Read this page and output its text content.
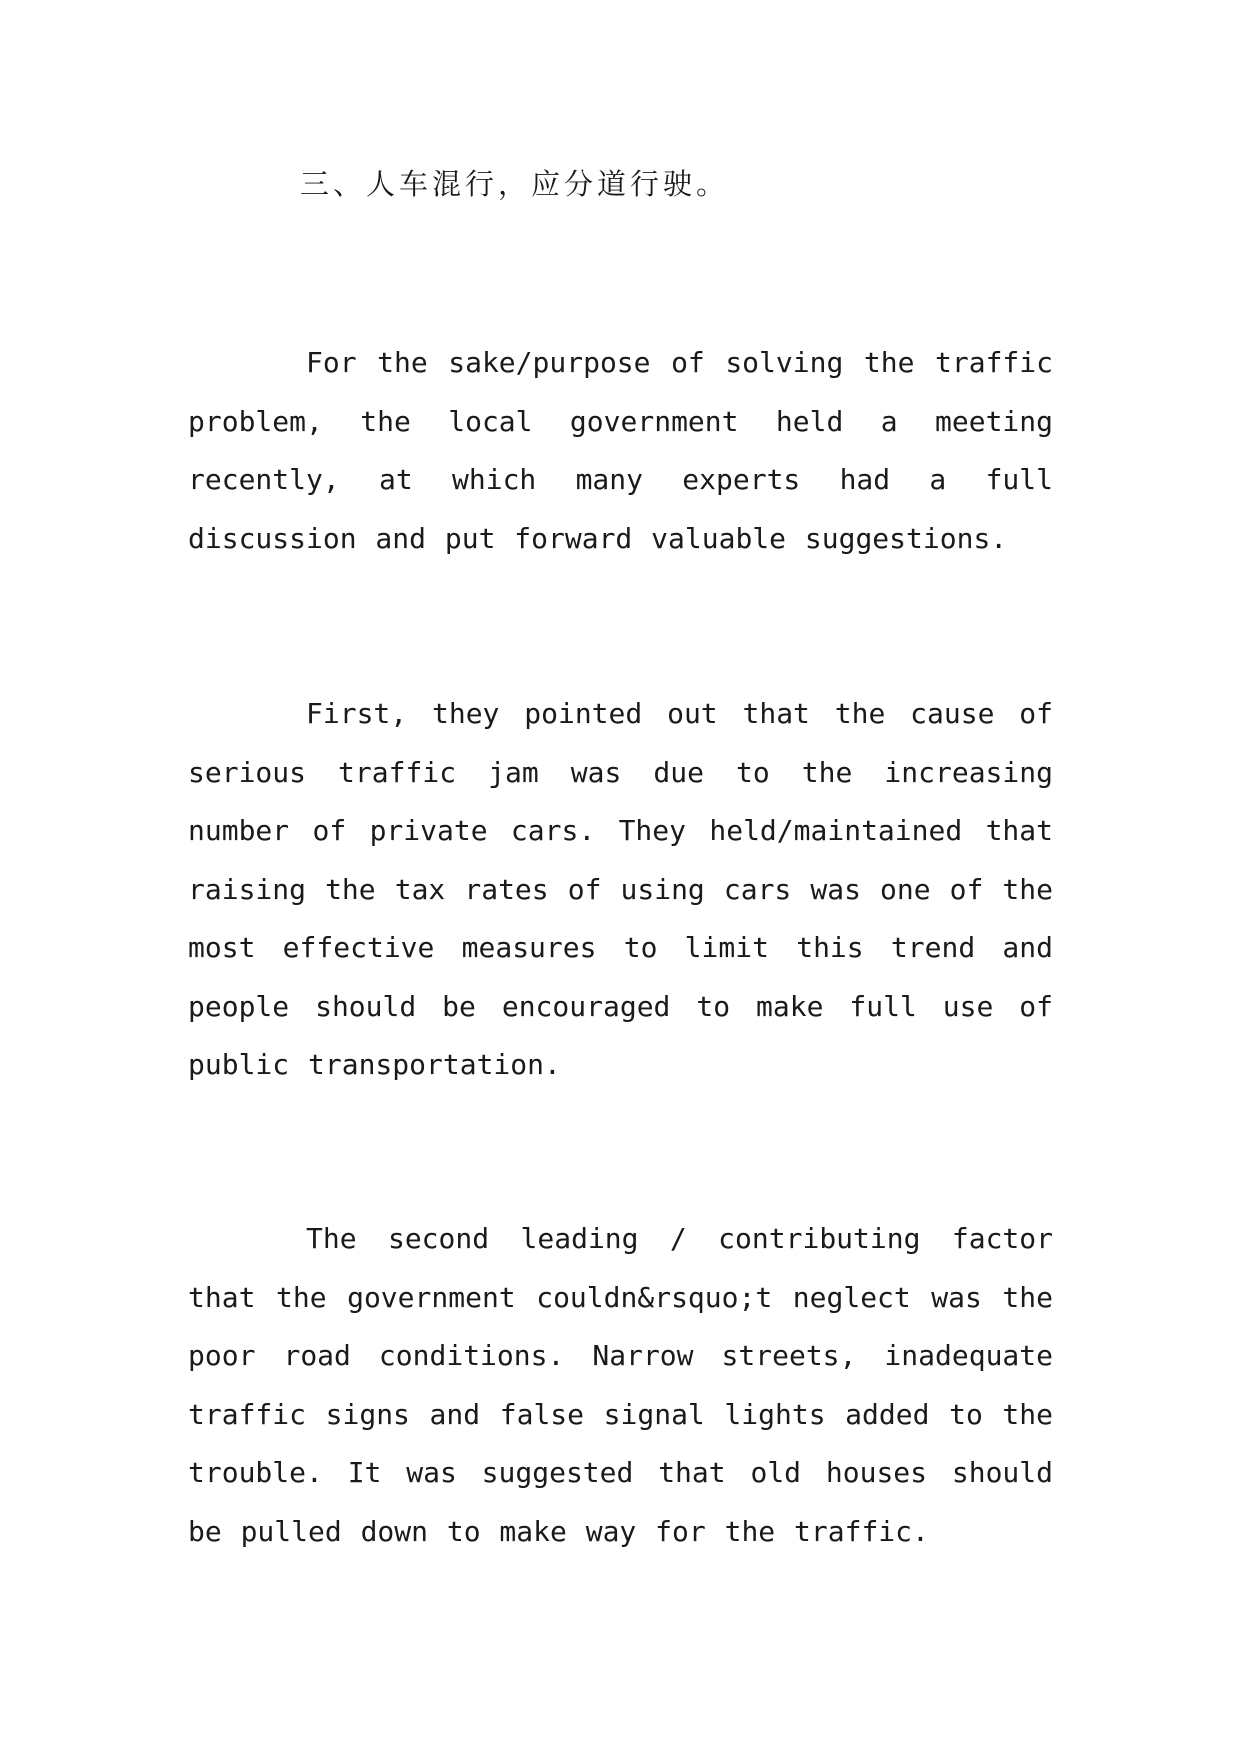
三、人车混行，应分道行驶。

For the sake/purpose of solving the traffic problem, the local government held a meeting recently, at which many experts had a full discussion and put forward valuable suggestions.

First, they pointed out that the cause of serious traffic jam was due to the increasing number of private cars. They held/maintained that raising the tax rates of using cars was one of the most effective measures to limit this trend and people should be encouraged to make full use of public transportation.

The second leading / contributing factor that the government couldn&rsquo;t neglect was the poor road conditions. Narrow streets, inadequate traffic signs and false signal lights added to the trouble. It was suggested that old houses should be pulled down to make way for the traffic.
